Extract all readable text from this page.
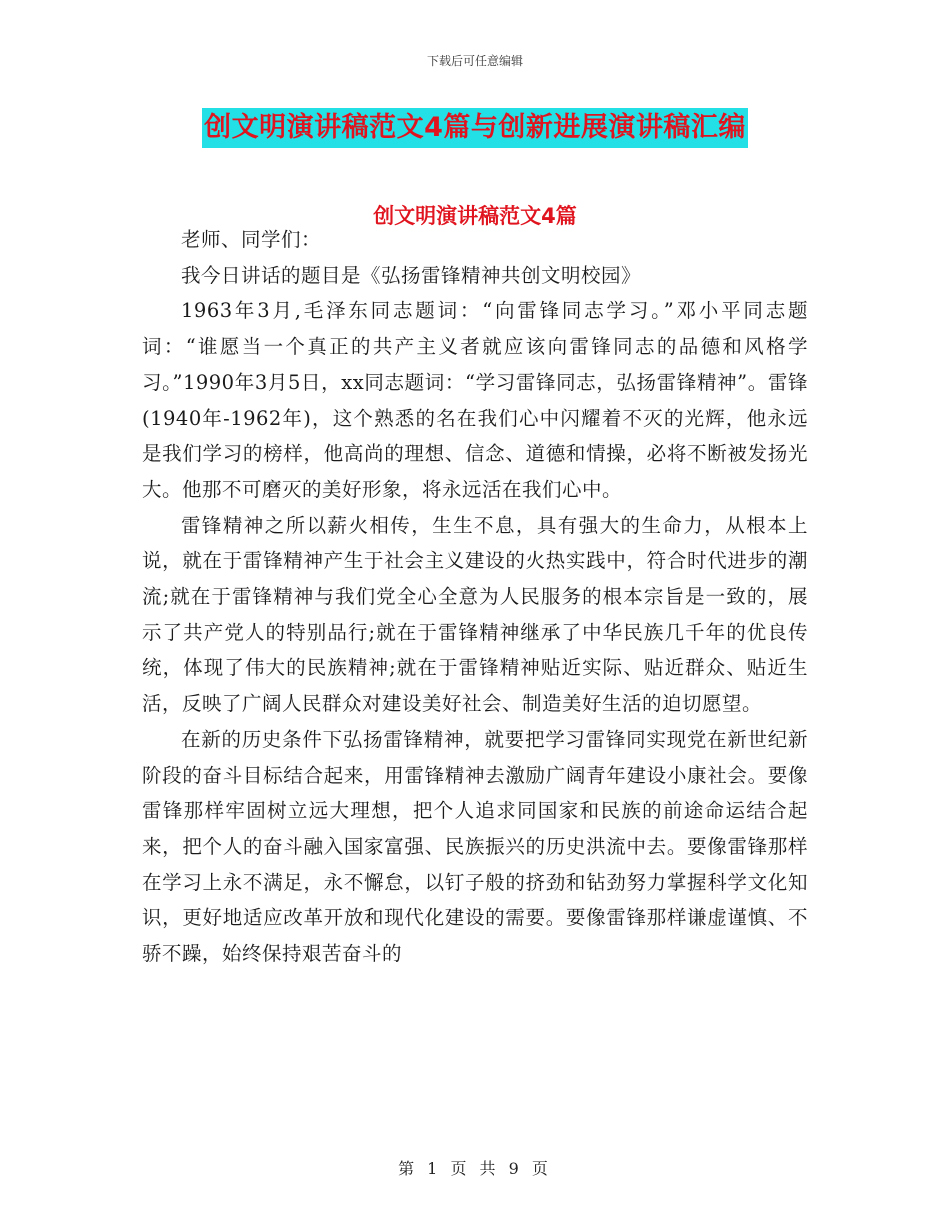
下载后可任意编辑
创文明演讲稿范文4篇与创新进展演讲稿汇编
创文明演讲稿范文4篇

老师、同学们：

我今日讲话的题目是《弘扬雷锋精神共创文明校园》

1963年3月,毛泽东同志题词：“向雷锋同志学习。”邓小平同志题词：“谁愿当一个真正的共产主义者就应该向雷锋同志的品德和风格学习。”1990年3月5日，xx同志题词：“学习雷锋同志，弘扬雷锋精神”。雷锋(1940年-1962年)，这个熟悉的名在我们心中闪耀着不灭的光辉，他永远是我们学习的榜样，他高尚的理想、信念、道德和情操，必将不断被发扬光大。他那不可磨灭的美好形象，将永远活在我们心中。

雷锋精神之所以薪火相传，生生不息，具有强大的生命力，从根本上说，就在于雷锋精神产生于社会主义建设的火热实践中，符合时代进步的潮流;就在于雷锋精神与我们党全心全意为人民服务的根本宗旨是一致的，展示了共产党人的特别品行;就在于雷锋精神继承了中华民族几千年的优良传统，体现了伟大的民族精神;就在于雷锋精神贴近实际、贴近群众、贴近生活，反映了广阔人民群众对建设美好社会、制造美好生活的迫切愿望。

在新的历史条件下弘扬雷锋精神，就要把学习雷锋同实现党在新世纪新阶段的奋斗目标结合起来，用雷锋精神去激励广阔青年建设小康社会。要像雷锋那样牢固树立远大理想，把个人追求同国家和民族的前途命运结合起来，把个人的奋斗融入国家富强、民族振兴的历史洪流中去。要像雷锋那样在学习上永不满足，永不懈怠，以钉子般的挤劲和钻劲努力掌握科学文化知识，更好地适应改革开放和现代化建设的需要。要像雷锋那样谦虚谨慎、不骄不躁，始终保持艰苦奋斗的

第 1 页 共 9 页
